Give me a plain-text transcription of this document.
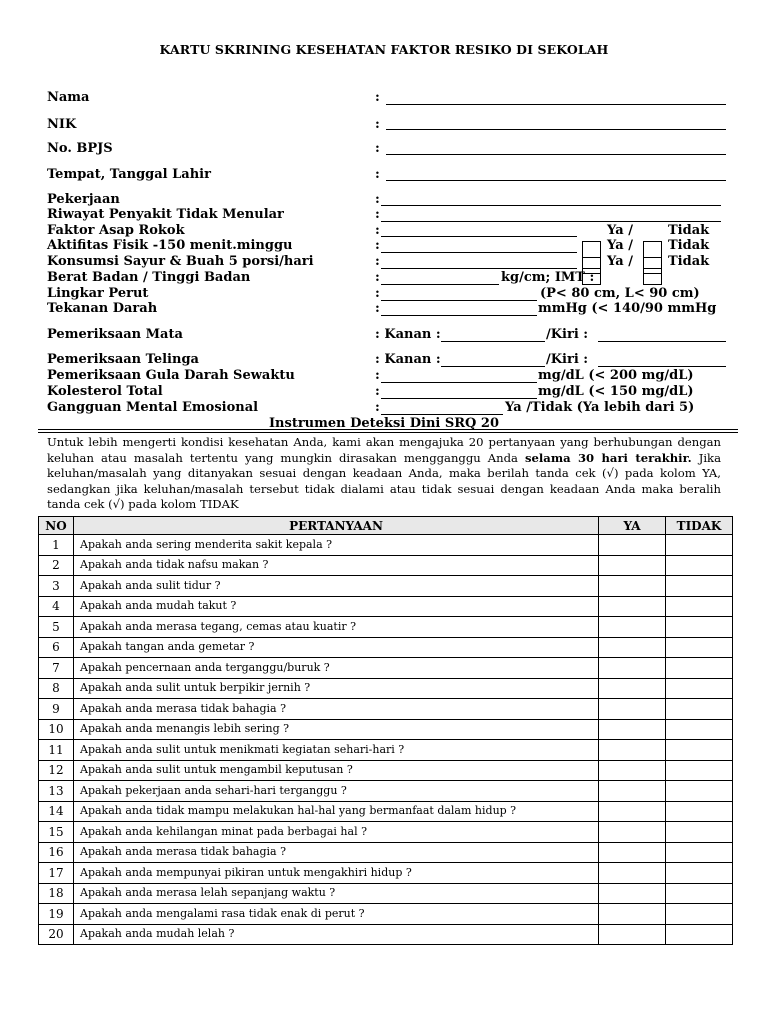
KARTU SKRINING KESEHATAN FAKTOR RESIKO DI SEKOLAH
Nama	:
NIK	:
No. BPJS	:
Tempat, Tanggal Lahir	:
Pekerjaan	:
Riwayat Penyakit Tidak Menular	:
Faktor Asap Rokok	:	Ya /	Tidak
Aktifitas Fisik -150 menit.minggu	:	Ya /	Tidak
Konsumsi Sayur & Buah 5 porsi/hari	:	Ya /	Tidak
Berat Badan / Tinggi Badan	:	kg/cm; IMT :
Lingkar Perut	:	(P< 80 cm, L< 90 cm)
Tekanan Darah	:	mmHg (< 140/90 mmHg
Pemeriksaan Mata	: Kanan :	/Kiri :
Pemeriksaan Telinga	: Kanan :	/Kiri :
Pemeriksaan Gula Darah Sewaktu	:	mg/dL (< 200 mg/dL)
Kolesterol Total	:	mg/dL (< 150 mg/dL)
Gangguan Mental Emosional	:	Ya /Tidak (Ya lebih dari 5)
Instrumen Deteksi Dini SRQ 20
Untuk lebih mengerti kondisi kesehatan Anda, kami akan mengajuka 20 pertanyaan yang berhubungan dengan keluhan atau masalah tertentu yang mungkin dirasakan mengganggu Anda selama 30 hari terakhir. Jika keluhan/masalah yang ditanyakan sesuai dengan keadaan Anda, maka berilah tanda cek (√) pada kolom YA, sedangkan jika keluhan/masalah tersebut tidak dialami atau tidak sesuai dengan keadaan Anda maka beralih tanda cek (√) pada kolom TIDAK
NO	PERTANYAAN	YA	TIDAK
1	Apakah anda sering menderita sakit kepala ?		
2	Apakah anda tidak nafsu makan ?		
3	Apakah anda sulit tidur ?		
4	Apakah anda mudah takut ?		
5	Apakah anda merasa tegang, cemas atau kuatir ?		
6	Apakah tangan anda gemetar ?		
7	Apakah pencernaan anda terganggu/buruk ?		
8	Apakah anda sulit untuk berpikir jernih ?		
9	Apakah anda merasa tidak bahagia ?		
10	Apakah anda menangis lebih sering ?		
11	Apakah anda sulit untuk menikmati kegiatan sehari-hari ?		
12	Apakah anda sulit untuk mengambil keputusan ?		
13	Apakah pekerjaan anda sehari-hari terganggu ?		
14	Apakah anda tidak mampu melakukan hal-hal yang bermanfaat dalam hidup ?		
15	Apakah anda kehilangan minat pada berbagai hal ?		
16	Apakah anda merasa tidak bahagia ?		
17	Apakah anda mempunyai pikiran untuk mengakhiri hidup ?		
18	Apakah anda merasa lelah sepanjang waktu ?		
19	Apakah anda mengalami rasa tidak enak di perut ?		
20	Apakah anda mudah lelah ?		
